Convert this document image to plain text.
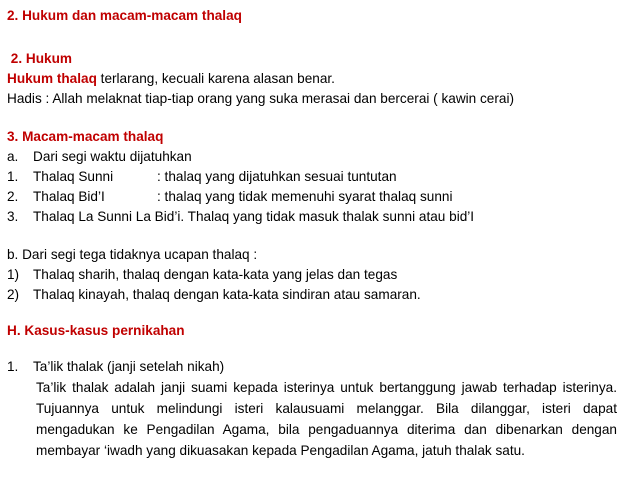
2. Hukum dan macam-macam thalaq
2. Hukum
Hukum thalaq terlarang, kecuali karena alasan benar.
Hadis : Allah melaknat tiap-tiap orang yang suka merasai dan bercerai ( kawin cerai)
3. Macam-macam thalaq
a. Dari segi waktu dijatuhkan
1. Thalaq Sunni	: thalaq yang dijatuhkan sesuai tuntutan
2. Thalaq Bid’I	: thalaq yang tidak memenuhi syarat thalaq sunni
3. Thalaq La Sunni La Bid’i. Thalaq yang tidak masuk thalak sunni atau bid’I
b. Dari segi tega tidaknya ucapan thalaq :
1) Thalaq sharih, thalaq dengan kata-kata yang jelas dan tegas
2) Thalaq kinayah, thalaq dengan kata-kata sindiran atau samaran.
H. Kasus-kasus pernikahan
1. Ta’lik thalak (janji setelah nikah)
Ta’lik thalak adalah janji suami kepada isterinya untuk bertanggung jawab terhadap isterinya. Tujuannya untuk melindungi isteri kalausuami melanggar. Bila dilanggar, isteri dapat mengadukan ke Pengadilan Agama, bila pengaduannya diterima dan dibenarkan dengan membayar ‘iwadh yang dikuasakan kepada Pengadilan Agama, jatuh thalak satu.
